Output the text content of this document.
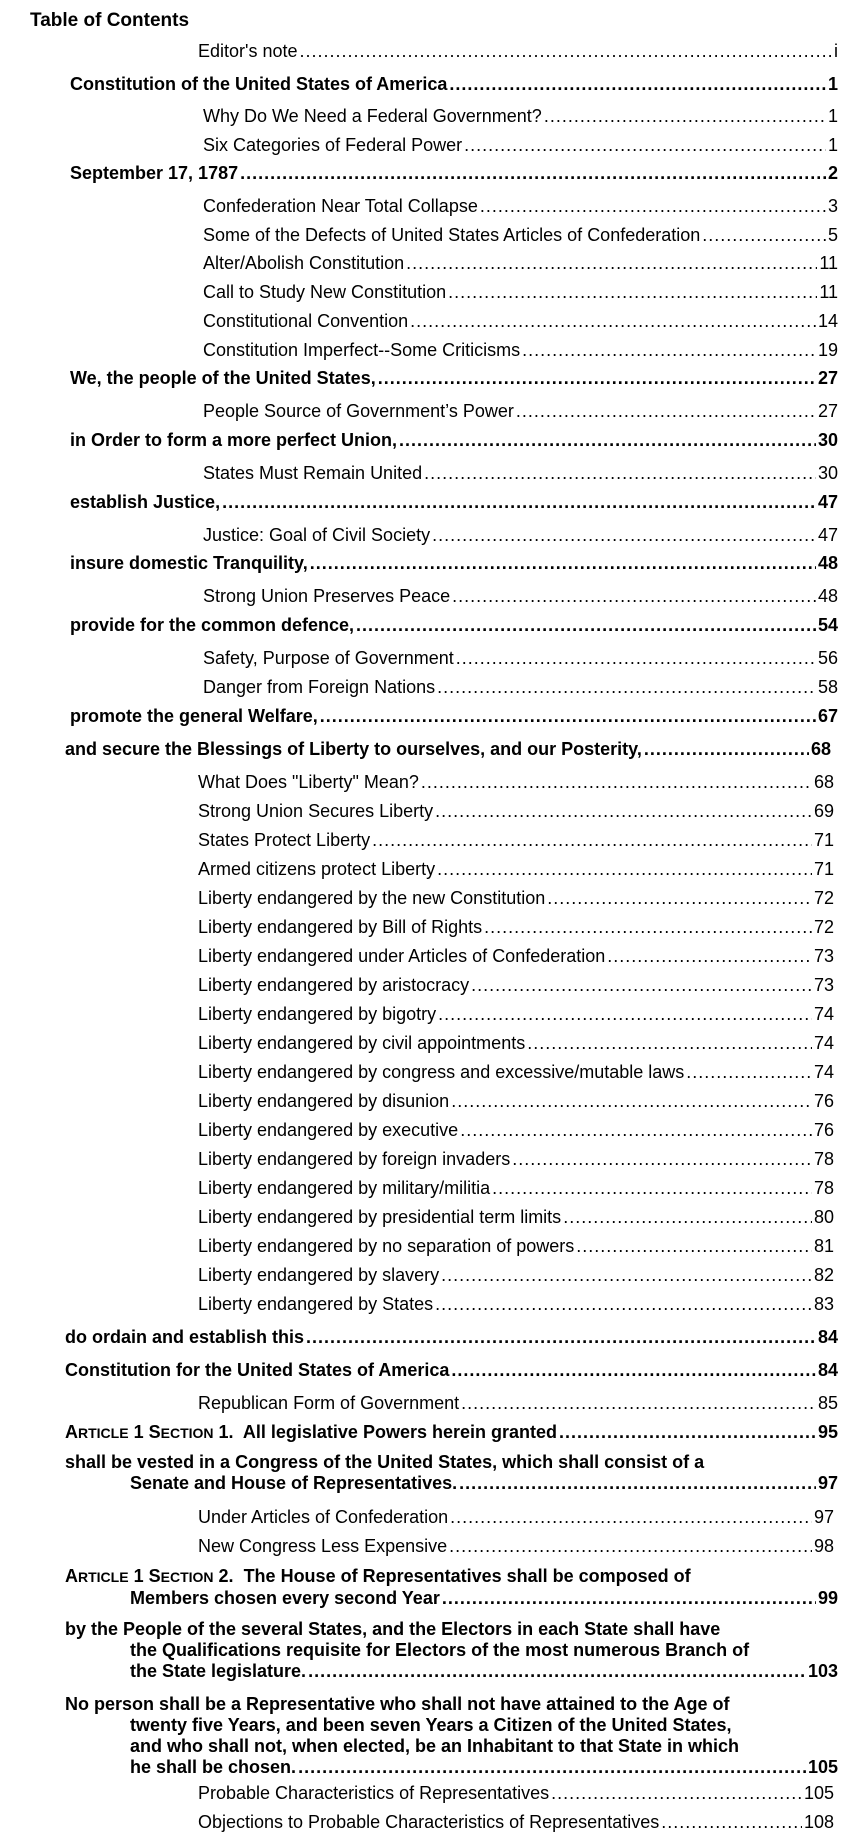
Table of Contents
Editor's note .....	i
Constitution of the United States of America .....	1
Why Do We Need a Federal Government? .....	1
Six Categories of Federal Power .....	1
September 17, 1787 .....	2
Confederation Near Total Collapse .....	3
Some of the Defects of United States Articles of Confederation .....	5
Alter/Abolish Constitution .....	11
Call to Study New Constitution .....	11
Constitutional Convention .....	14
Constitution Imperfect--Some Criticisms .....	19
We, the people of the United States, .....	27
People Source of Government’s Power .....	27
in Order to form a more perfect Union, .....	30
States Must Remain United .....	30
establish Justice, .....	47
Justice: Goal of Civil Society .....	47
insure domestic Tranquility, .....	48
Strong Union Preserves Peace .....	48
provide for the common defence, .....	54
Safety, Purpose of Government .....	56
Danger from Foreign Nations .....	58
promote the general Welfare, .....	67
and secure the Blessings of Liberty to ourselves, and our Posterity, .....	68
What Does "Liberty" Mean? .....	68
Strong Union Secures Liberty .....	69
States Protect Liberty .....	71
Armed citizens protect Liberty .....	71
Liberty endangered by the new Constitution .....	72
Liberty endangered by Bill of Rights .....	72
Liberty endangered under Articles of Confederation .....	73
Liberty endangered by aristocracy .....	73
Liberty endangered by bigotry .....	74
Liberty endangered by civil appointments .....	74
Liberty endangered by congress and excessive/mutable laws .....	74
Liberty endangered by disunion .....	76
Liberty endangered by executive .....	76
Liberty endangered by foreign invaders .....	78
Liberty endangered by military/militia .....	78
Liberty endangered by presidential term limits .....	80
Liberty endangered by no separation of powers .....	81
Liberty endangered by slavery .....	82
Liberty endangered by States .....	83
do ordain and establish this .....	84
Constitution for the United States of America .....	84
Republican Form of Government .....	85
ARTICLE 1 SECTION 1. All legislative Powers herein granted .....	95
shall be vested in a Congress of the United States, which shall consist of a
Senate and House of Representatives. .....	97
Under Articles of Confederation .....	97
New Congress Less Expensive .....	98
ARTICLE 1 SECTION 2. The House of Representatives shall be composed of
Members chosen every second Year .....	99
by the People of the several States, and the Electors in each State shall have
the Qualifications requisite for Electors of the most numerous Branch of
the State legislature. .....	103
No person shall be a Representative who shall not have attained to the Age of
twenty five Years, and been seven Years a Citizen of the United States,
and who shall not, when elected, be an Inhabitant to that State in which
he shall be chosen. .....	105
Probable Characteristics of Representatives .....	105
Objections to Probable Characteristics of Representatives .....	108
